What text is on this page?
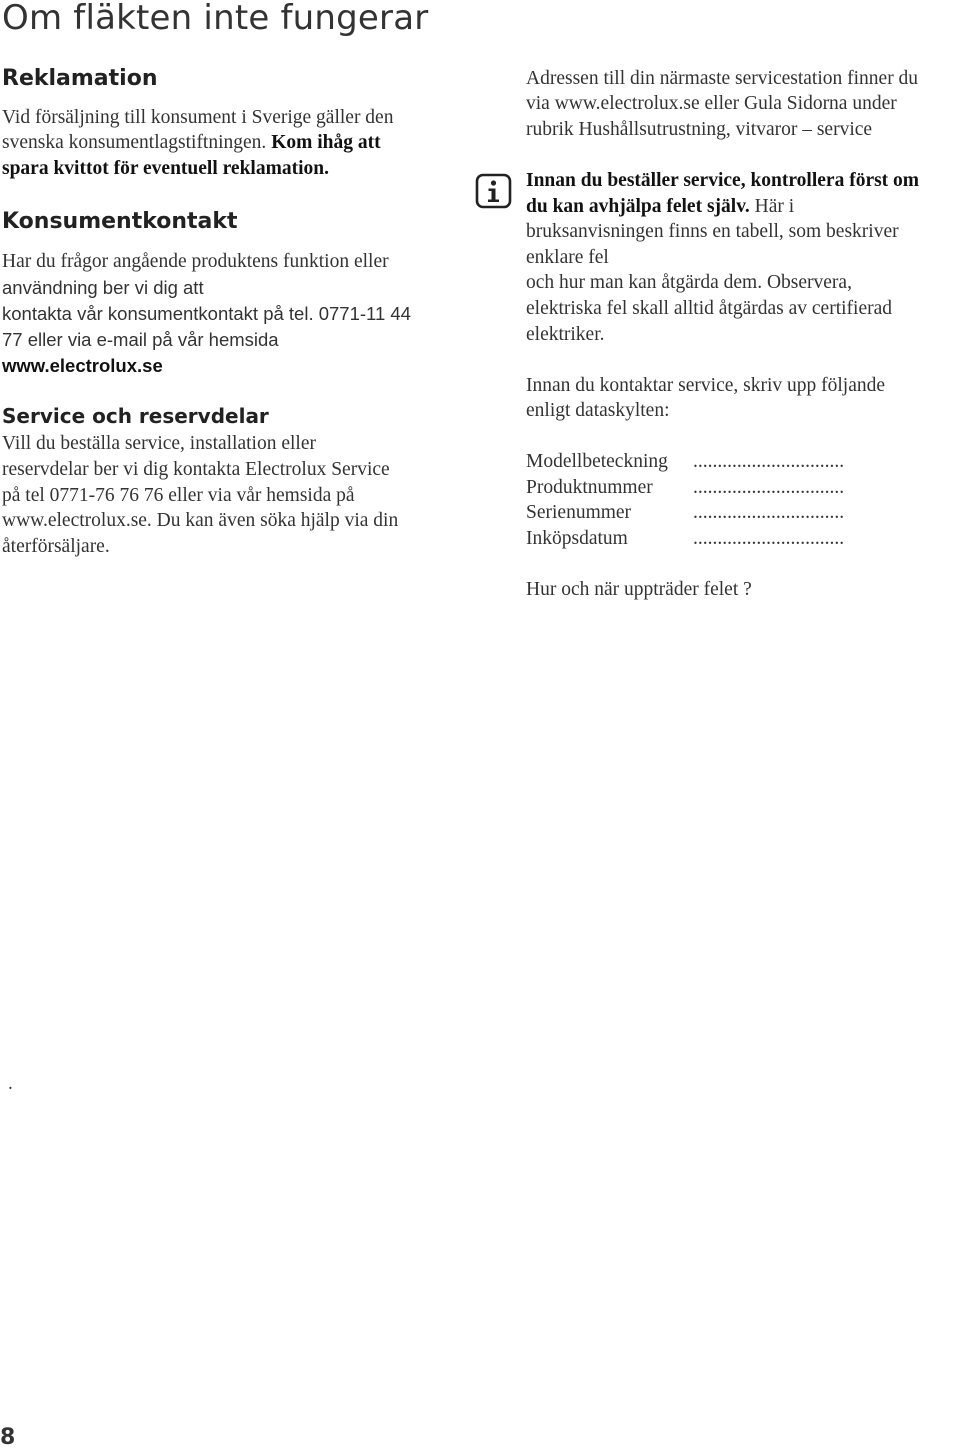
Om fläkten inte fungerar
Reklamation
Vid försäljning till konsument i Sverige gäller den
svenska konsumentlagstiftningen. Kom ihåg att
spara kvittot för eventuell reklamation.
Konsumentkontakt
Har du frågor angående produktens funktion eller
användning ber vi dig att
kontakta vår konsumentkontakt på tel. 0771-11 44
77 eller via e-mail på vår hemsida
www.electrolux.se
Service och reservdelar
Vill du beställa service, installation eller
reservdelar ber vi dig kontakta Electrolux Service
på tel 0771-76 76 76 eller via vår hemsida på
www.electrolux.se. Du kan även söka hjälp via din
återförsäljare.
Adressen till din närmaste servicestation finner du
via www.electrolux.se eller Gula Sidorna under
rubrik Hushållsutrustning, vitvaror – service
Innan du beställer service, kontrollera först om
du kan avhjälpa felet själv. Här i
bruksanvisningen finns en tabell, som beskriver
enklare fel
och hur man kan åtgärda dem. Observera,
elektriska fel skall alltid åtgärdas av certifierad
elektriker.
Innan du kontaktar service, skriv upp följande
enligt dataskylten:
Modellbeteckning ...............................
Produktnummer ...............................
Serienummer	...............................
Inköpsdatum	...............................
Hur och när uppträder felet ?
.
8
